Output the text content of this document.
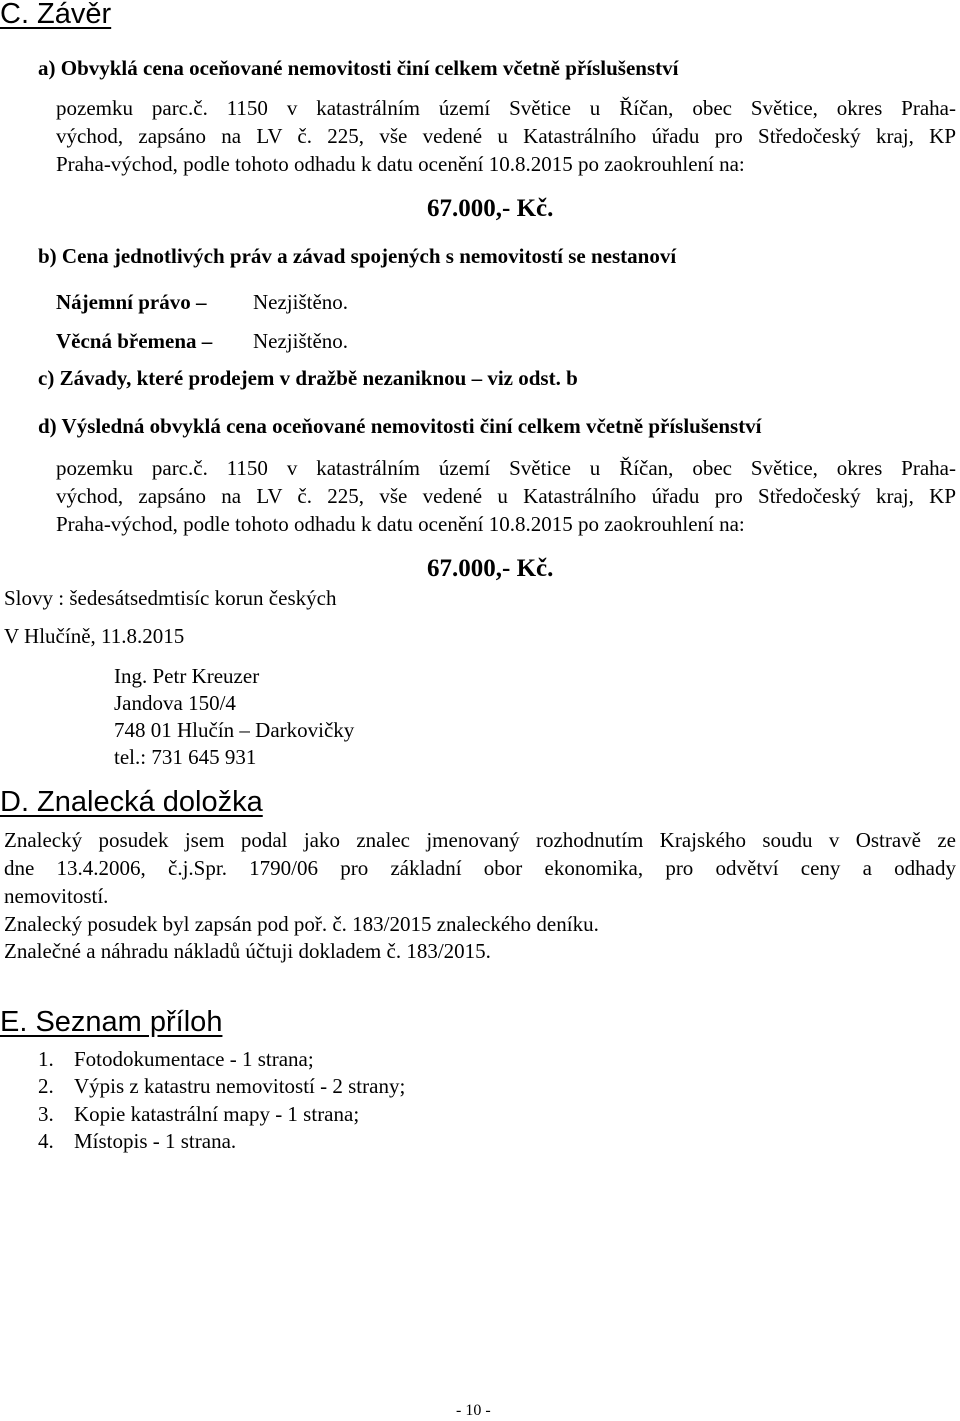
C. Závěr
a) Obvyklá cena oceňované nemovitosti činí celkem včetně příslušenství
pozemku parc.č. 1150 v katastrálním území Světice u Říčan, obec Světice, okres Praha-
východ, zapsáno na LV č. 225, vše vedené u Katastrálního úřadu pro Středočeský kraj, KP
Praha-východ, podle tohoto odhadu k datu ocenění 10.8.2015 po zaokrouhlení na:
67.000,- Kč.
b) Cena jednotlivých práv a závad spojených s nemovitostí se nestanoví
Nájemní právo – Nezjištěno.
Věcná břemena – Nezjištěno.
c) Závady, které prodejem v dražbě nezaniknou – viz odst. b
d) Výsledná obvyklá cena oceňované nemovitosti činí celkem včetně příslušenství
pozemku parc.č. 1150 v katastrálním území Světice u Říčan, obec Světice, okres Praha-
východ, zapsáno na LV č. 225, vše vedené u Katastrálního úřadu pro Středočeský kraj, KP
Praha-východ, podle tohoto odhadu k datu ocenění 10.8.2015 po zaokrouhlení na:
67.000,- Kč.
Slovy : šedesátsedmtisíc korun českých
V Hlučíně, 11.8.2015
Ing. Petr Kreuzer
Jandova 150/4
748 01 Hlučín – Darkovičky
tel.: 731 645 931
D. Znalecká doložka
Znalecký posudek jsem podal jako znalec jmenovaný rozhodnutím Krajského soudu v Ostravě ze
dne 13.4.2006, č.j.Spr. 1790/06 pro základní obor ekonomika, pro odvětví ceny a odhady
nemovitostí.
Znalecký posudek byl zapsán pod poř. č. 183/2015 znaleckého deníku.
Znalečné a náhradu nákladů účtuji dokladem č. 183/2015.
E. Seznam příloh
1. Fotodokumentace - 1 strana;
2. Výpis z katastru nemovitostí - 2 strany;
3. Kopie katastrální mapy - 1 strana;
4. Místopis - 1 strana.
- 10 -
